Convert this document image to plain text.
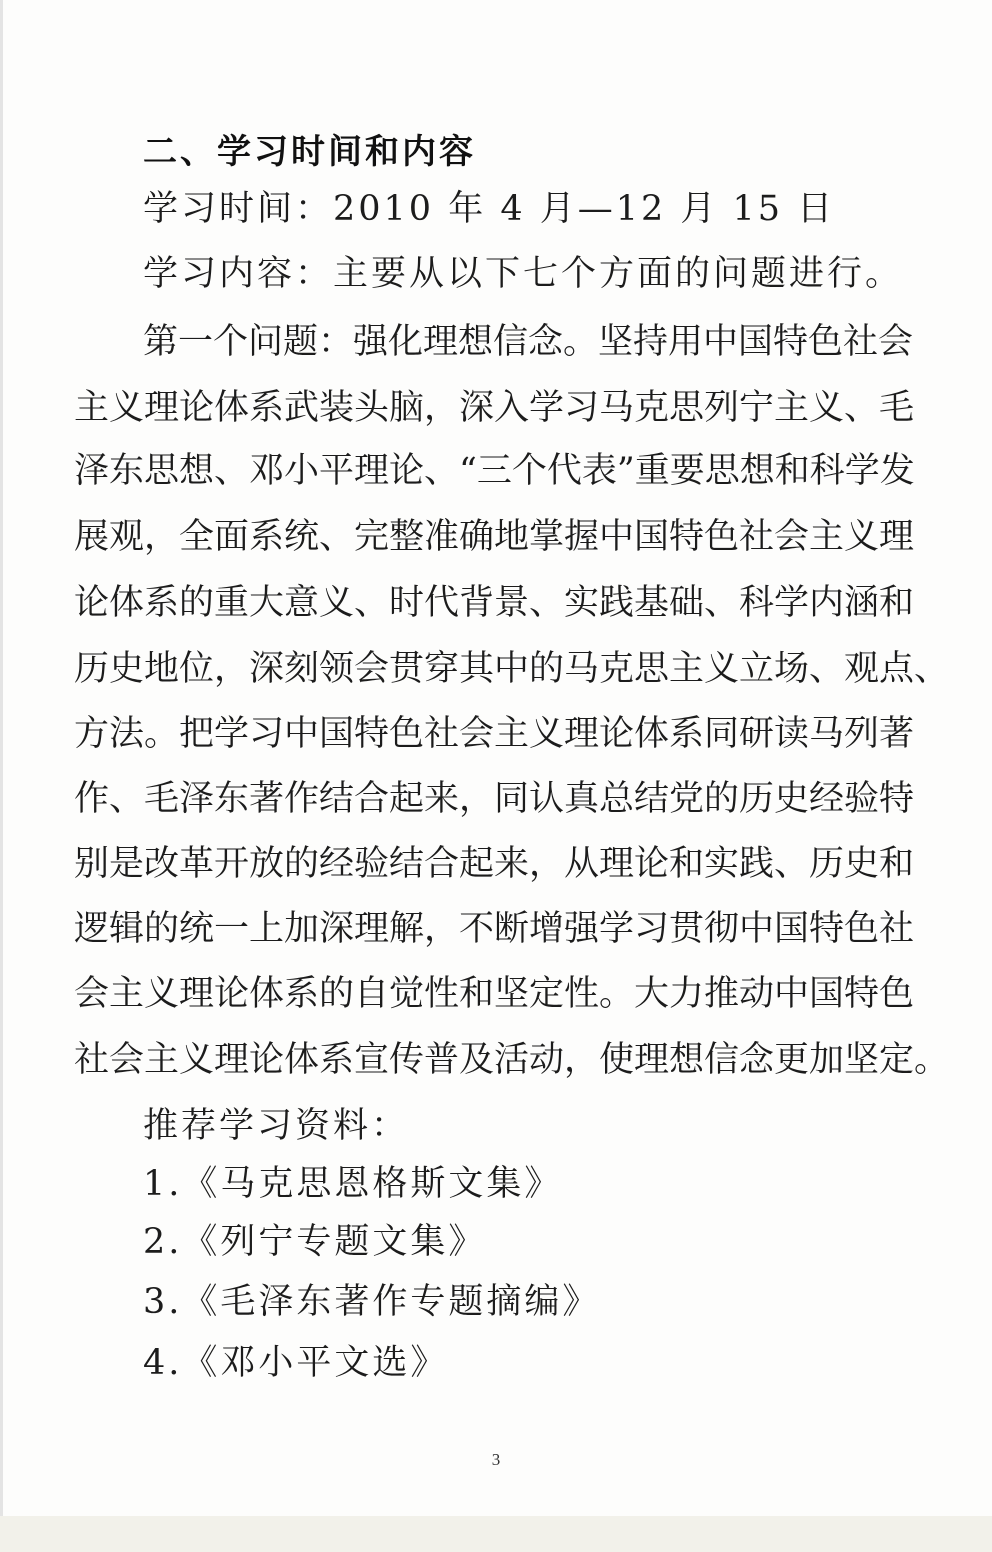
二、学习时间和内容
学习时间：2010 年 4 月—12 月 15 日
学习内容：主要从以下七个方面的问题进行。
第一个问题：强化理想信念。坚持用中国特色社会
主义理论体系武装头脑，深入学习马克思列宁主义、毛
泽东思想、邓小平理论、“三个代表”重要思想和科学发
展观，全面系统、完整准确地掌握中国特色社会主义理
论体系的重大意义、时代背景、实践基础、科学内涵和
历史地位，深刻领会贯穿其中的马克思主义立场、观点、
方法。把学习中国特色社会主义理论体系同研读马列著
作、毛泽东著作结合起来，同认真总结党的历史经验特
别是改革开放的经验结合起来，从理论和实践、历史和
逻辑的统一上加深理解，不断增强学习贯彻中国特色社
会主义理论体系的自觉性和坚定性。大力推动中国特色
社会主义理论体系宣传普及活动，使理想信念更加坚定。
推荐学习资料：
1.《马克思恩格斯文集》
2.《列宁专题文集》
3.《毛泽东著作专题摘编》
4.《邓小平文选》
3
